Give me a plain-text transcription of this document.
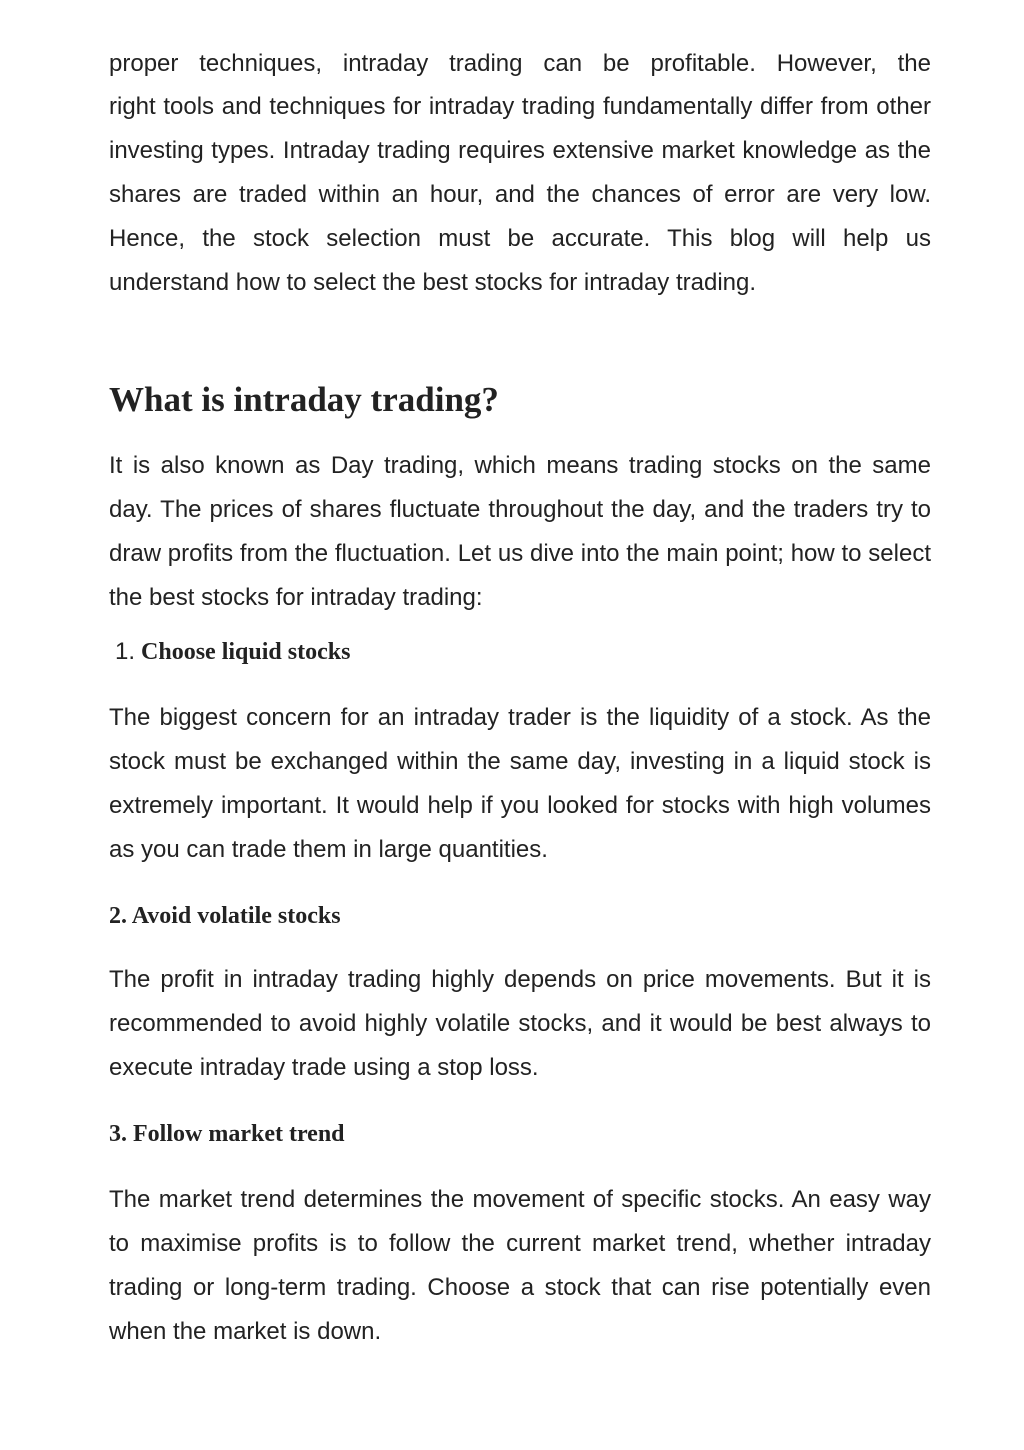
proper techniques, intraday trading can be profitable. However, the

right tools and techniques for intraday trading fundamentally differ from other investing types. Intraday trading requires extensive market knowledge as the shares are traded within an hour, and the chances of error are very low. Hence, the stock selection must be accurate. This blog will help us understand how to select the best stocks for intraday trading.

What is intraday trading?

It is also known as Day trading, which means trading stocks on the same day. The prices of shares fluctuate throughout the day, and the traders try to draw profits from the fluctuation. Let us dive into the main point; how to select the best stocks for intraday trading:

1. Choose liquid stocks

The biggest concern for an intraday trader is the liquidity of a stock. As the stock must be exchanged within the same day, investing in a liquid stock is extremely important. It would help if you looked for stocks with high volumes as you can trade them in large quantities.

2. Avoid volatile stocks

The profit in intraday trading highly depends on price movements. But it is recommended to avoid highly volatile stocks, and it would be best always to execute intraday trade using a stop loss.

3. Follow market trend

The market trend determines the movement of specific stocks. An easy way to maximise profits is to follow the current market trend, whether intraday trading or long-term trading. Choose a stock that can rise potentially even when the market is down.
